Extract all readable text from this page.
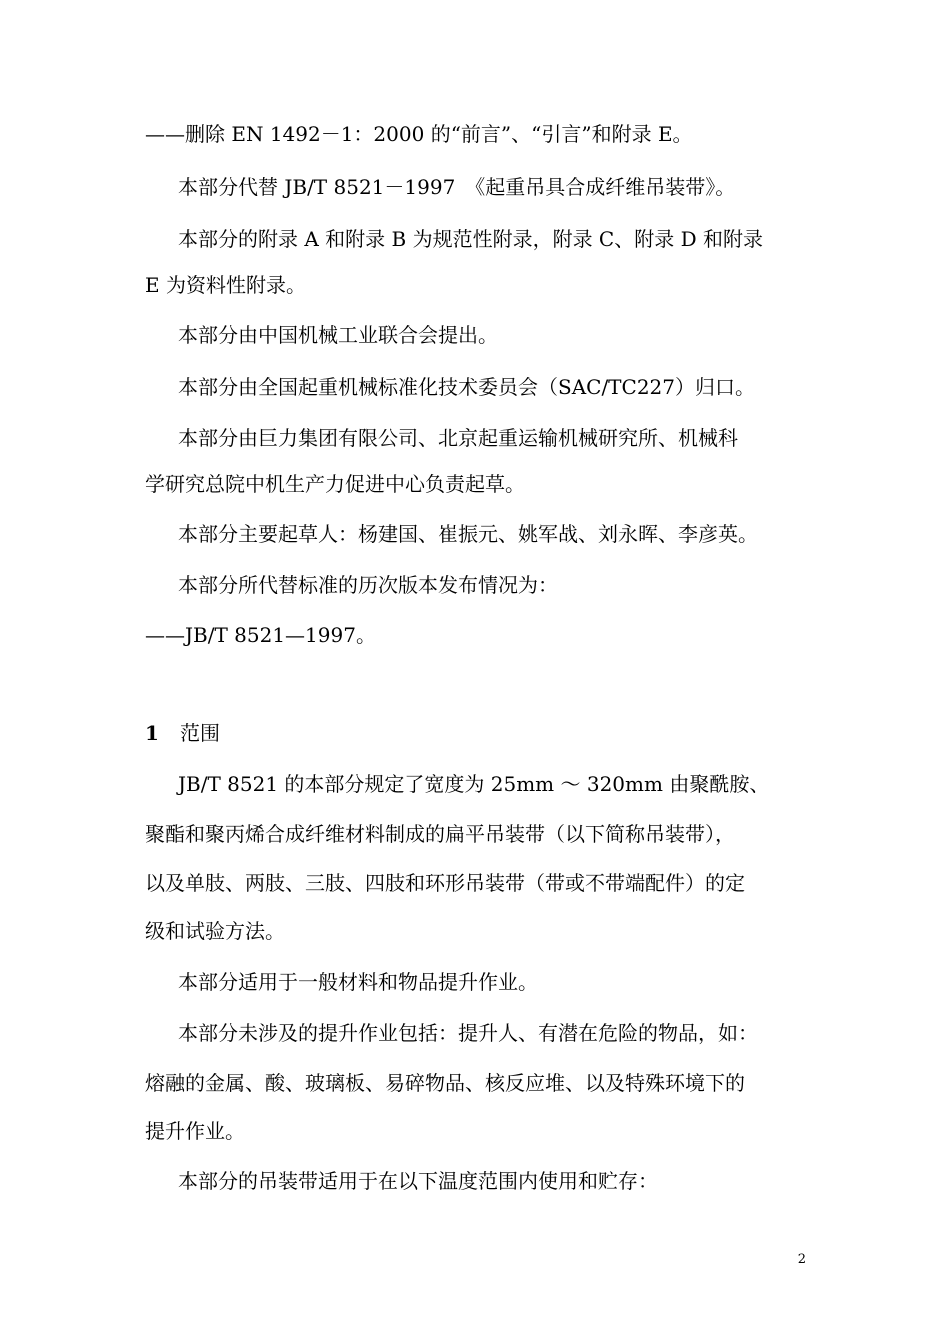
——删除 EN 1492－1：2000 的“前言”、“引言”和附录 E。
本部分代替 JB/T 8521－1997　《起重吊具合成纤维吊装带》。
本部分的附录 A 和附录 B 为规范性附录，附录 C、附录 D 和附录
E 为资料性附录。
本部分由中国机械工业联合会提出。
本部分由全国起重机械标准化技术委员会（SAC/TC227）归口。
本部分由巨力集团有限公司、北京起重运输机械研究所、机械科
学研究总院中机生产力促进中心负责起草。
本部分主要起草人：杨建国、崔振元、姚军战、刘永晖、李彦英。
本部分所代替标准的历次版本发布情况为：
——JB/T 8521—1997。
1 范围
JB/T 8521 的本部分规定了宽度为 25mm ～ 320mm 由聚酰胺、
聚酯和聚丙烯合成纤维材料制成的扁平吊装带（以下简称吊装带），
以及单肢、两肢、三肢、四肢和环形吊装带（带或不带端配件）的定
级和试验方法。
本部分适用于一般材料和物品提升作业。
本部分未涉及的提升作业包括：提升人、有潜在危险的物品，如：
熔融的金属、酸、玻璃板、易碎物品、核反应堆、以及特殊环境下的
提升作业。
本部分的吊装带适用于在以下温度范围内使用和贮存：
2
